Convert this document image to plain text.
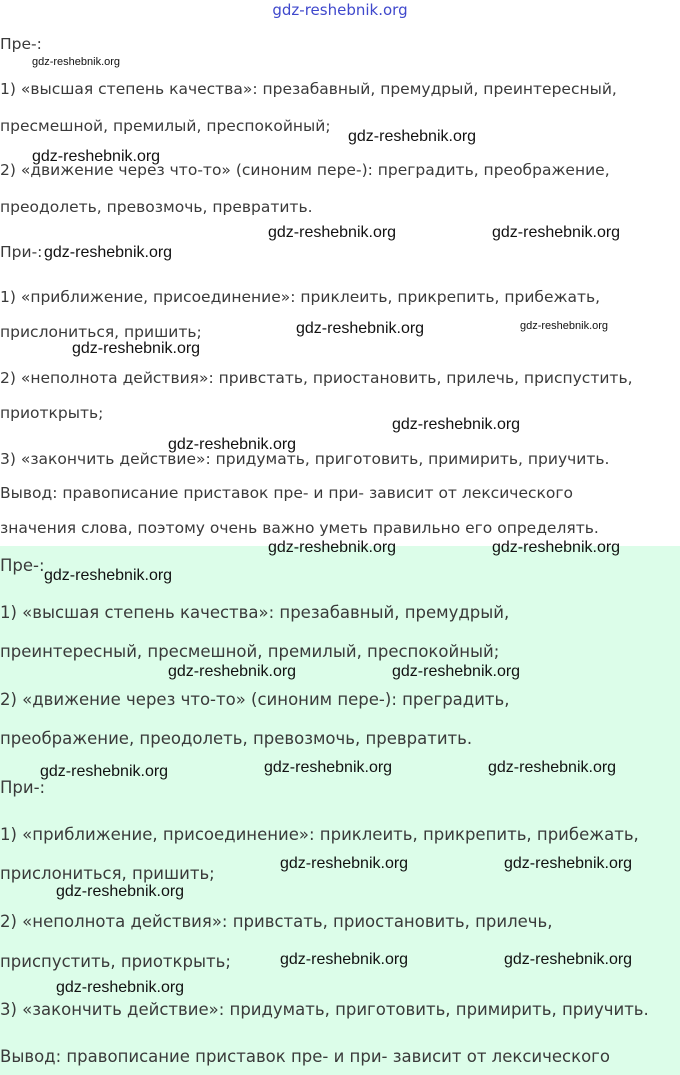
gdz-reshebnik.org
Пре-:
1) «высшая степень качества»: презабавный, премудрый, преинтересный,
пресмешной, премилый, преспокойный;
2) «движение через что-то» (синоним пере-): преградить, преображение,
преодолеть, превозмочь, превратить.
При-:
1) «приближение, присоединение»: приклеить, прикрепить, прибежать,
прислониться, пришить;
2) «неполнота действия»: привстать, приостановить, прилечь, приспустить,
приоткрыть;
3) «закончить действие»: придумать, приготовить, примирить, приучить.
Вывод: правописание приставок пре- и при- зависит от лексического
значения слова, поэтому очень важно уметь правильно его определять.
gdz-reshebnik.org
gdz-reshebnik.org
gdz-reshebnik.org
gdz-reshebnik.org	gdz-reshebnik.org
gdz-reshebnik.org
gdz-reshebnik.org	gdz-reshebnik.org
gdz-reshebnik.org
gdz-reshebnik.org
gdz-reshebnik.org
Пре-:
1) «высшая степень качества»: презабавный, премудрый,
преинтересный, пресмешной, премилый, преспокойный;
2) «движение через что-то» (синоним пере-): преградить,
преображение, преодолеть, превозмочь, превратить.
При-:
1) «приближение, присоединение»: приклеить, прикрепить, прибежать,
прислониться, пришить;
2) «неполнота действия»: привстать, приостановить, прилечь,
приспустить, приоткрыть;
3) «закончить действие»: придумать, приготовить, примирить, приучить.
Вывод: правописание приставок пре- и при- зависит от лексического
gdz-reshebnik.org	gdz-reshebnik.org
gdz-reshebnik.org
gdz-reshebnik.org	gdz-reshebnik.org
gdz-reshebnik.org	gdz-reshebnik.org
gdz-reshebnik.org
gdz-reshebnik.org	gdz-reshebnik.org
gdz-reshebnik.org
gdz-reshebnik.org	gdz-reshebnik.org
gdz-reshebnik.org
